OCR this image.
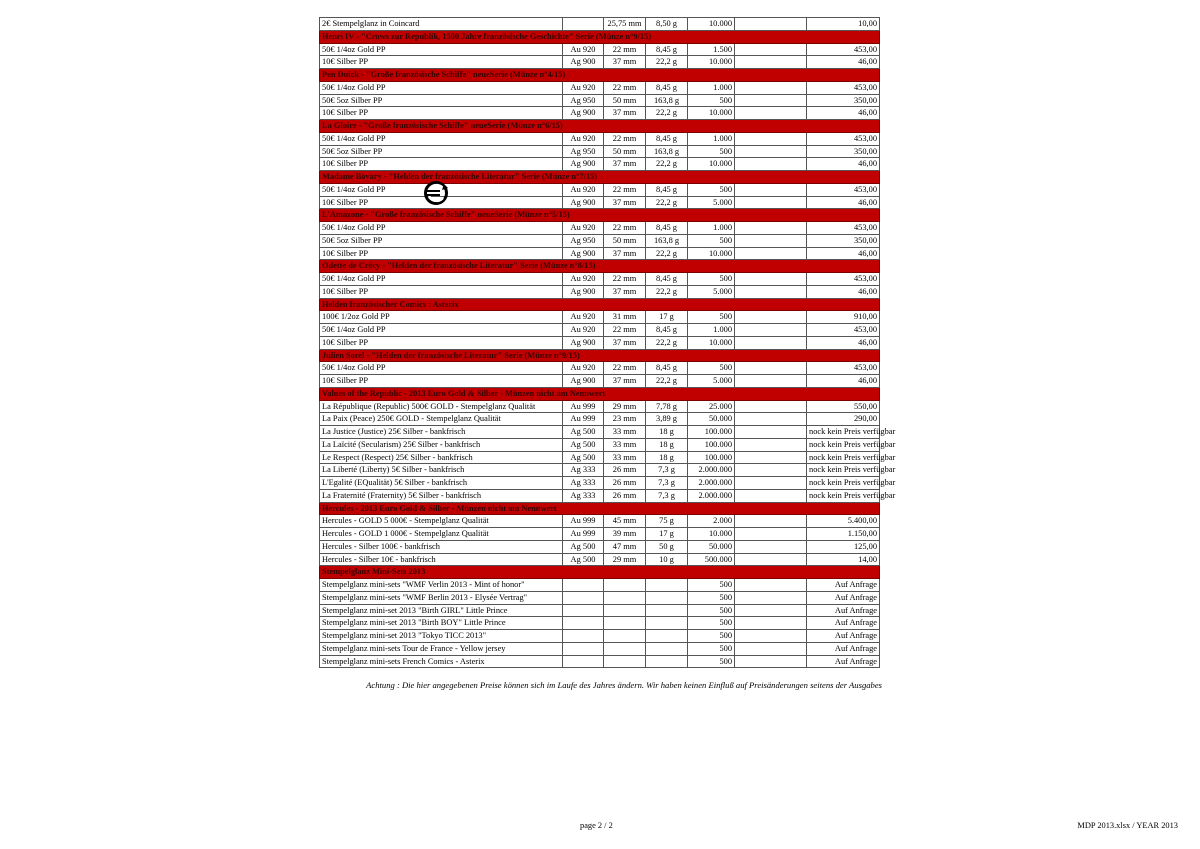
2€ Stempelglanz in Coincard		25,75 mm	8,50 g	10.000		10,00
Henri IV - "Crows zur Republik, 1500 Jahre französische Geschichte" Serie (Münze n°9/15)						
50€ 1/4oz Gold PP	Au 920	22 mm	8,45 g	1.500		453,00
10€ Silber PP	Ag 900	37 mm	22,2 g	10.000		46,00
Pen Duick - "Große französische Schiffe" neueSerie (Münze n°4/15)						
50€ 1/4oz Gold PP	Au 920	22 mm	8,45 g	1.000		453,00
50€ 5oz Silber PP	Ag 950	50 mm	163,8 g	500		350,00
10€ Silber PP	Ag 900	37 mm	22,2 g	10.000		46,00
La Gloire - "Große französische Schiffe" neueSerie (Münze n°6/15)						
50€ 1/4oz Gold PP	Au 920	22 mm	8,45 g	1.000		453,00
50€ 5oz Silber PP	Ag 950	50 mm	163,8 g	500		350,00
10€ Silber PP	Ag 900	37 mm	22,2 g	10.000		46,00
Madame Bovary - "Helden der französische Literatur" Serie (Münze n°7/15)						
50€ 1/4oz Gold PP	Au 920	22 mm	8,45 g	500		453,00
10€ Silber PP	Ag 900	37 mm	22,2 g	5.000		46,00
L'Amazone - "Große französische Schiffe" neueSerie (Münze n°5/15)						
50€ 1/4oz Gold PP	Au 920	22 mm	8,45 g	1.000		453,00
50€ 5oz Silber PP	Ag 950	50 mm	163,8 g	500		350,00
10€ Silber PP	Ag 900	37 mm	22,2 g	10.000		46,00
Odette de Crécy - "Helden der französische Literatur" Serie (Münze n°8/15)						
50€ 1/4oz Gold PP	Au 920	22 mm	8,45 g	500		453,00
10€ Silber PP	Ag 900	37 mm	22,2 g	5.000		46,00
Helden französischer Comics : Asterix						
100€ 1/2oz Gold PP	Au 920	31 mm	17 g	500		910,00
50€ 1/4oz Gold PP	Au 920	22 mm	8,45 g	1.000		453,00
10€ Silber PP	Ag 900	37 mm	22,2 g	10.000		46,00
Julien Sorel - "Helden der französische Literatur" Serie (Münze n°9/15)						
50€ 1/4oz Gold PP	Au 920	22 mm	8,45 g	500		453,00
10€ Silber PP	Ag 900	37 mm	22,2 g	5.000		46,00
Values of the Republic - 2013 Euro Gold & Silber - Münzen nicht am Nennwert						
La République (Republic) 500€ GOLD - Stempelglanz Qualität	Au 999	29 mm	7,78 g	25.000		550,00
La Paix (Peace) 250€ GOLD - Stempelglanz Qualität	Au 999	23 mm	3,89 g	50.000		290,00
La Justice (Justice) 25€ Silber - bankfrisch	Ag 500	33 mm	18 g	100.000		nock kein Preis verfügbar
La Laïcité (Secularism) 25€ Silber - bankfrisch	Ag 500	33 mm	18 g	100.000		nock kein Preis verfügbar
Le Respect (Respect) 25€ Silber - bankfrisch	Ag 500	33 mm	18 g	100.000		nock kein Preis verfügbar
La Liberté (Liberty) 5€ Silber - bankfrisch	Ag 333	26 mm	7,3 g	2.000.000		nock kein Preis verfügbar
L'Egalité (EQualität) 5€ Silber - bankfrisch	Ag 333	26 mm	7,3 g	2.000.000		nock kein Preis verfügbar
La Fraternité (Fraternity) 5€ Silber - bankfrisch	Ag 333	26 mm	7,3 g	2.000.000		nock kein Preis verfügbar
Hercules - 2013 Euro Gold & Silber - Münzen nicht am Nennwert						
Hercules - GOLD 5 000€ - Stempelglanz Qualität	Au 999	45 mm	75 g	2.000		5.400,00
Hercules - GOLD 1 000€ - Stempelglanz Qualität	Au 999	39 mm	17 g	10.000		1.150,00
Hercules - Silber 100€ - bankfrisch	Ag 500	47 mm	50 g	50.000		125,00
Hercules - Silber 10€ - bankfrisch	Ag 500	29 mm	10 g	500.000		14,00
Stempelglanz Mini-Sets 2013						
Stempelglanz mini-sets "WMF Verlin 2013 - Mint of honor"				500		Auf Anfrage
Stempelglanz mini-sets "WMF Berlin 2013 - Elysée Vertrag"				500		Auf Anfrage
Stempelglanz mini-set 2013 "Birth GIRL" Little Prince				500		Auf Anfrage
Stempelglanz mini-set 2013 "Birth BOY" Little Prince				500		Auf Anfrage
Stempelglanz mini-set 2013 "Tokyo TICC 2013"				500		Auf Anfrage
Stempelglanz mini-sets Tour de France - Yellow jersey				500		Auf Anfrage
Stempelglanz mini-sets French Comics - Asterix				500		Auf Anfrage
Achtung : Die hier angegebenen Preise können sich im Laufe des Jahres ändern. Wir haben keinen Einfluß auf Preisänderungen seitens der Ausgabes
page 2 / 2	MDP 2013.xlsx / YEAR 2013
